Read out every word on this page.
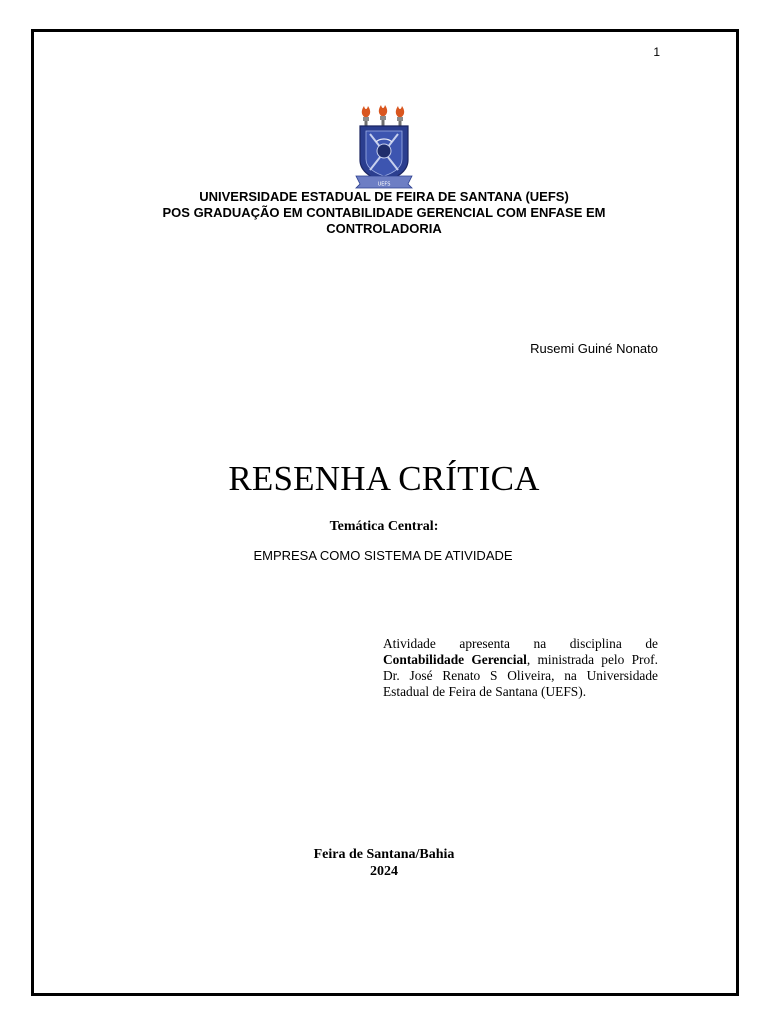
1
UEFS
UNIVERSIDADE ESTADUAL DE FEIRA DE SANTANA (UEFS)
POS GRADUAÇÃO EM CONTABILIDADE GERENCIAL COM ENFASE EM
CONTROLADORIA
Rusemi Guiné Nonato
RESENHA CRÍTICA
Temática Central:
EMPRESA COMO SISTEMA DE ATIVIDADE
Atividade apresenta na disciplina de Contabilidade Gerencial, ministrada pelo Prof. Dr. José Renato S Oliveira, na Universidade Estadual de Feira de Santana (UEFS).
Feira de Santana/Bahia
2024
